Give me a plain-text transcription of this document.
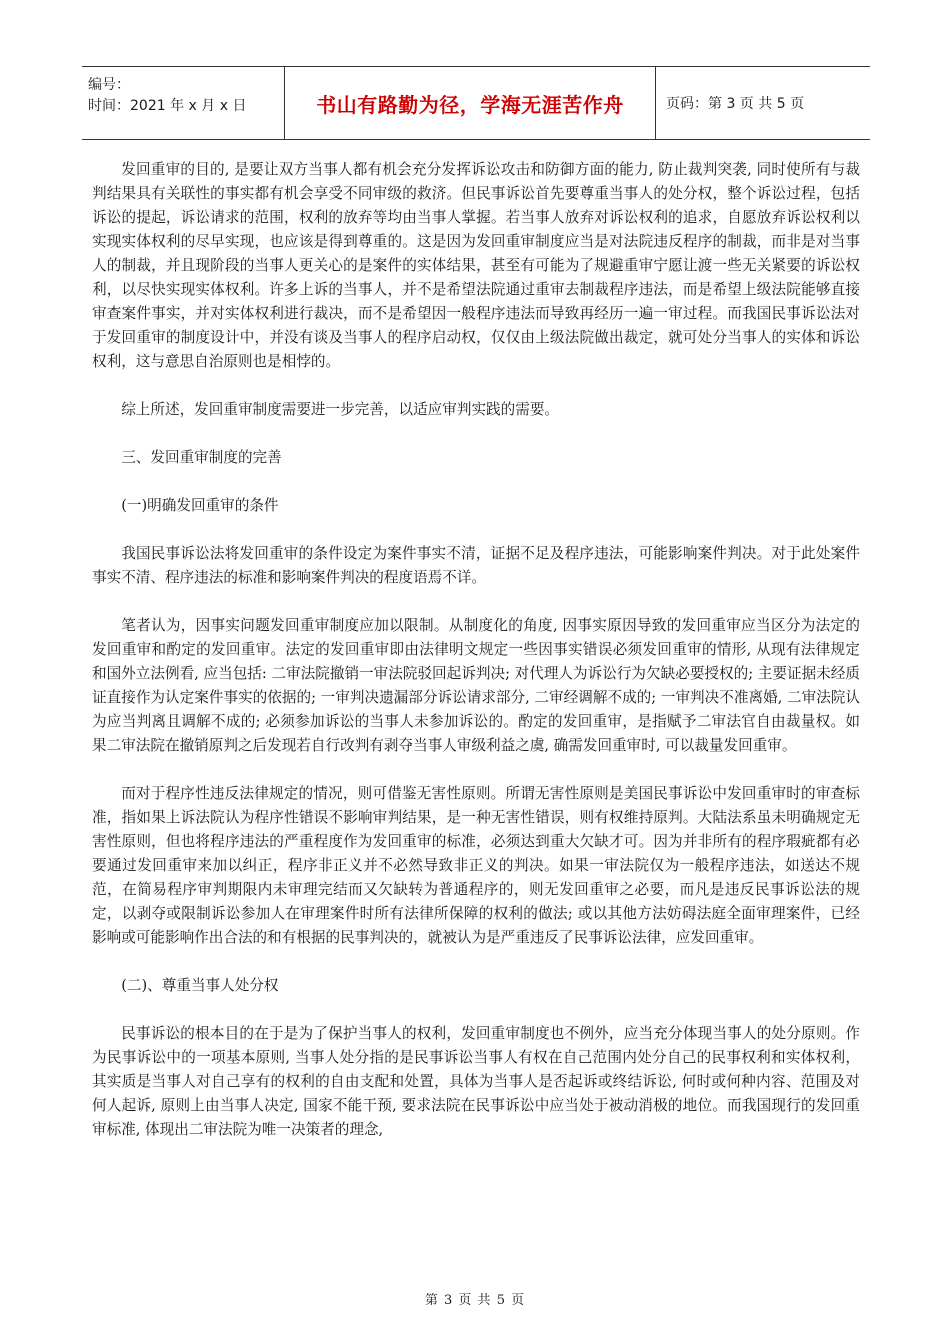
编号：
时间：2021 年 x 月 x 日	书山有路勤为径，学海无涯苦作舟	页码：第 3 页 共 5 页

发回重审的目的, 是要让双方当事人都有机会充分发挥诉讼攻击和防御方面的能力, 防止裁判突袭, 同时使所有与裁判结果具有关联性的事实都有机会享受不同审级的救济。但民事诉讼首先要尊重当事人的处分权，整个诉讼过程，包括诉讼的提起，诉讼请求的范围，权利的放弃等均由当事人掌握。若当事人放弃对诉讼权利的追求，自愿放弃诉讼权利以实现实体权利的尽早实现，也应该是得到尊重的。这是因为发回重审制度应当是对法院违反程序的制裁，而非是对当事人的制裁，并且现阶段的当事人更关心的是案件的实体结果，甚至有可能为了规避重审宁愿让渡一些无关紧要的诉讼权利，以尽快实现实体权利。许多上诉的当事人，并不是希望法院通过重审去制裁程序违法，而是希望上级法院能够直接审查案件事实，并对实体权利进行裁决，而不是希望因一般程序违法而导致再经历一遍一审过程。而我国民事诉讼法对于发回重审的制度设计中，并没有谈及当事人的程序启动权，仅仅由上级法院做出裁定，就可处分当事人的实体和诉讼权利，这与意思自治原则也是相悖的。

综上所述，发回重审制度需要进一步完善，以适应审判实践的需要。

三、发回重审制度的完善

(一)明确发回重审的条件

我国民事诉讼法将发回重审的条件设定为案件事实不清，证据不足及程序违法，可能影响案件判决。对于此处案件事实不清、程序违法的标准和影响案件判决的程度语焉不详。

笔者认为，因事实问题发回重审制度应加以限制。从制度化的角度, 因事实原因导致的发回重审应当区分为法定的发回重审和酌定的发回重审。法定的发回重审即由法律明文规定一些因事实错误必须发回重审的情形, 从现有法律规定和国外立法例看, 应当包括: 二审法院撤销一审法院驳回起诉判决; 对代理人为诉讼行为欠缺必要授权的; 主要证据未经质证直接作为认定案件事实的依据的; 一审判决遗漏部分诉讼请求部分, 二审经调解不成的; 一审判决不准离婚, 二审法院认为应当判离且调解不成的; 必须参加诉讼的当事人未参加诉讼的。酌定的发回重审，是指赋予二审法官自由裁量权。如果二审法院在撤销原判之后发现若自行改判有剥夺当事人审级利益之虞, 确需发回重审时, 可以裁量发回重审。

而对于程序性违反法律规定的情况，则可借鉴无害性原则。所谓无害性原则是美国民事诉讼中发回重审时的审查标准，指如果上诉法院认为程序性错误不影响审判结果，是一种无害性错误，则有权维持原判。大陆法系虽未明确规定无害性原则，但也将程序违法的严重程度作为发回重审的标准，必须达到重大欠缺才可。因为并非所有的程序瑕疵都有必要通过发回重审来加以纠正，程序非正义并不必然导致非正义的判决。如果一审法院仅为一般程序违法，如送达不规范，在简易程序审判期限内未审理完结而又欠缺转为普通程序的，则无发回重审之必要，而凡是违反民事诉讼法的规定，以剥夺或限制诉讼参加人在审理案件时所有法律所保障的权利的做法; 或以其他方法妨碍法庭全面审理案件，已经影响或可能影响作出合法的和有根据的民事判决的，就被认为是严重违反了民事诉讼法律，应发回重审。

(二)、尊重当事人处分权

民事诉讼的根本目的在于是为了保护当事人的权利，发回重审制度也不例外，应当充分体现当事人的处分原则。作为民事诉讼中的一项基本原则, 当事人处分指的是民事诉讼当事人有权在自己范围内处分自己的民事权利和实体权利，其实质是当事人对自己享有的权利的自由支配和处置，具体为当事人是否起诉或终结诉讼, 何时或何种内容、范围及对何人起诉, 原则上由当事人决定, 国家不能干预, 要求法院在民事诉讼中应当处于被动消极的地位。而我国现行的发回重审标准, 体现出二审法院为唯一决策者的理念,

第 3 页 共 5 页
